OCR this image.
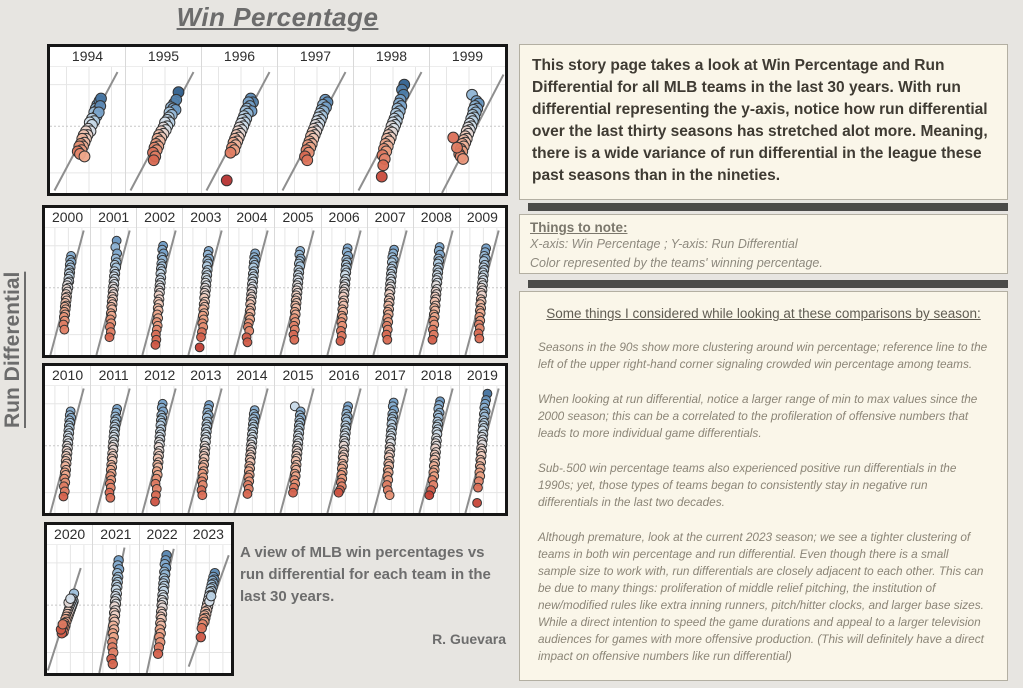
Win Percentage
Run Differential
1994	1995	1996	1997	1998	1999
2000	2001	2002	2003	2004	2005	2006	2007	2008	2009
2010	2011	2012	2013	2014	2015	2016	2017	2018	2019
2020	2021	2022	2023
A view of MLB win percentages vs run differential for each team in the last 30 years.
R. Guevara

This story page takes a look at Win Percentage and Run Differential for all MLB teams in the last 30 years. With run differential representing the y-axis, notice how run differential over the last thirty seasons has stretched alot more. Meaning, there is a wide variance of run differential in the league these past seasons than in the nineties.

Things to note:

X-axis: Win Percentage ; Y-axis: Run Differential

Color represented by the teams' winning percentage.

Some things I considered while looking at these comparisons by season:

Seasons in the 90s show more clustering around win percentage; reference line to the left of the upper right-hand corner signaling crowded win percentage among teams.

When looking at run differential, notice a larger range of min to max values since the 2000 season; this can be a correlated to the profileration of offensive numbers that leads to more individual game differentials.

Sub-.500 win percentage teams also experienced positive run differentials in the 1990s; yet, those types of teams began to consistently stay in negative run differentials in the last two decades.

Although premature, look at the current 2023 season; we see a tighter clustering of teams in both win percentage and run differential. Even though there is a small sample size to work with, run differentials are closely adjacent to each other. This can be due to many things: proliferation of middle relief pitching, the institution of new/modified rules like extra inning runners, pitch/hitter clocks, and larger base sizes. While a direct intention to speed the game durations and appeal to a larger television audiences for games with more offensive production. (This will definitely have a direct impact on offensive numbers like run differential)
